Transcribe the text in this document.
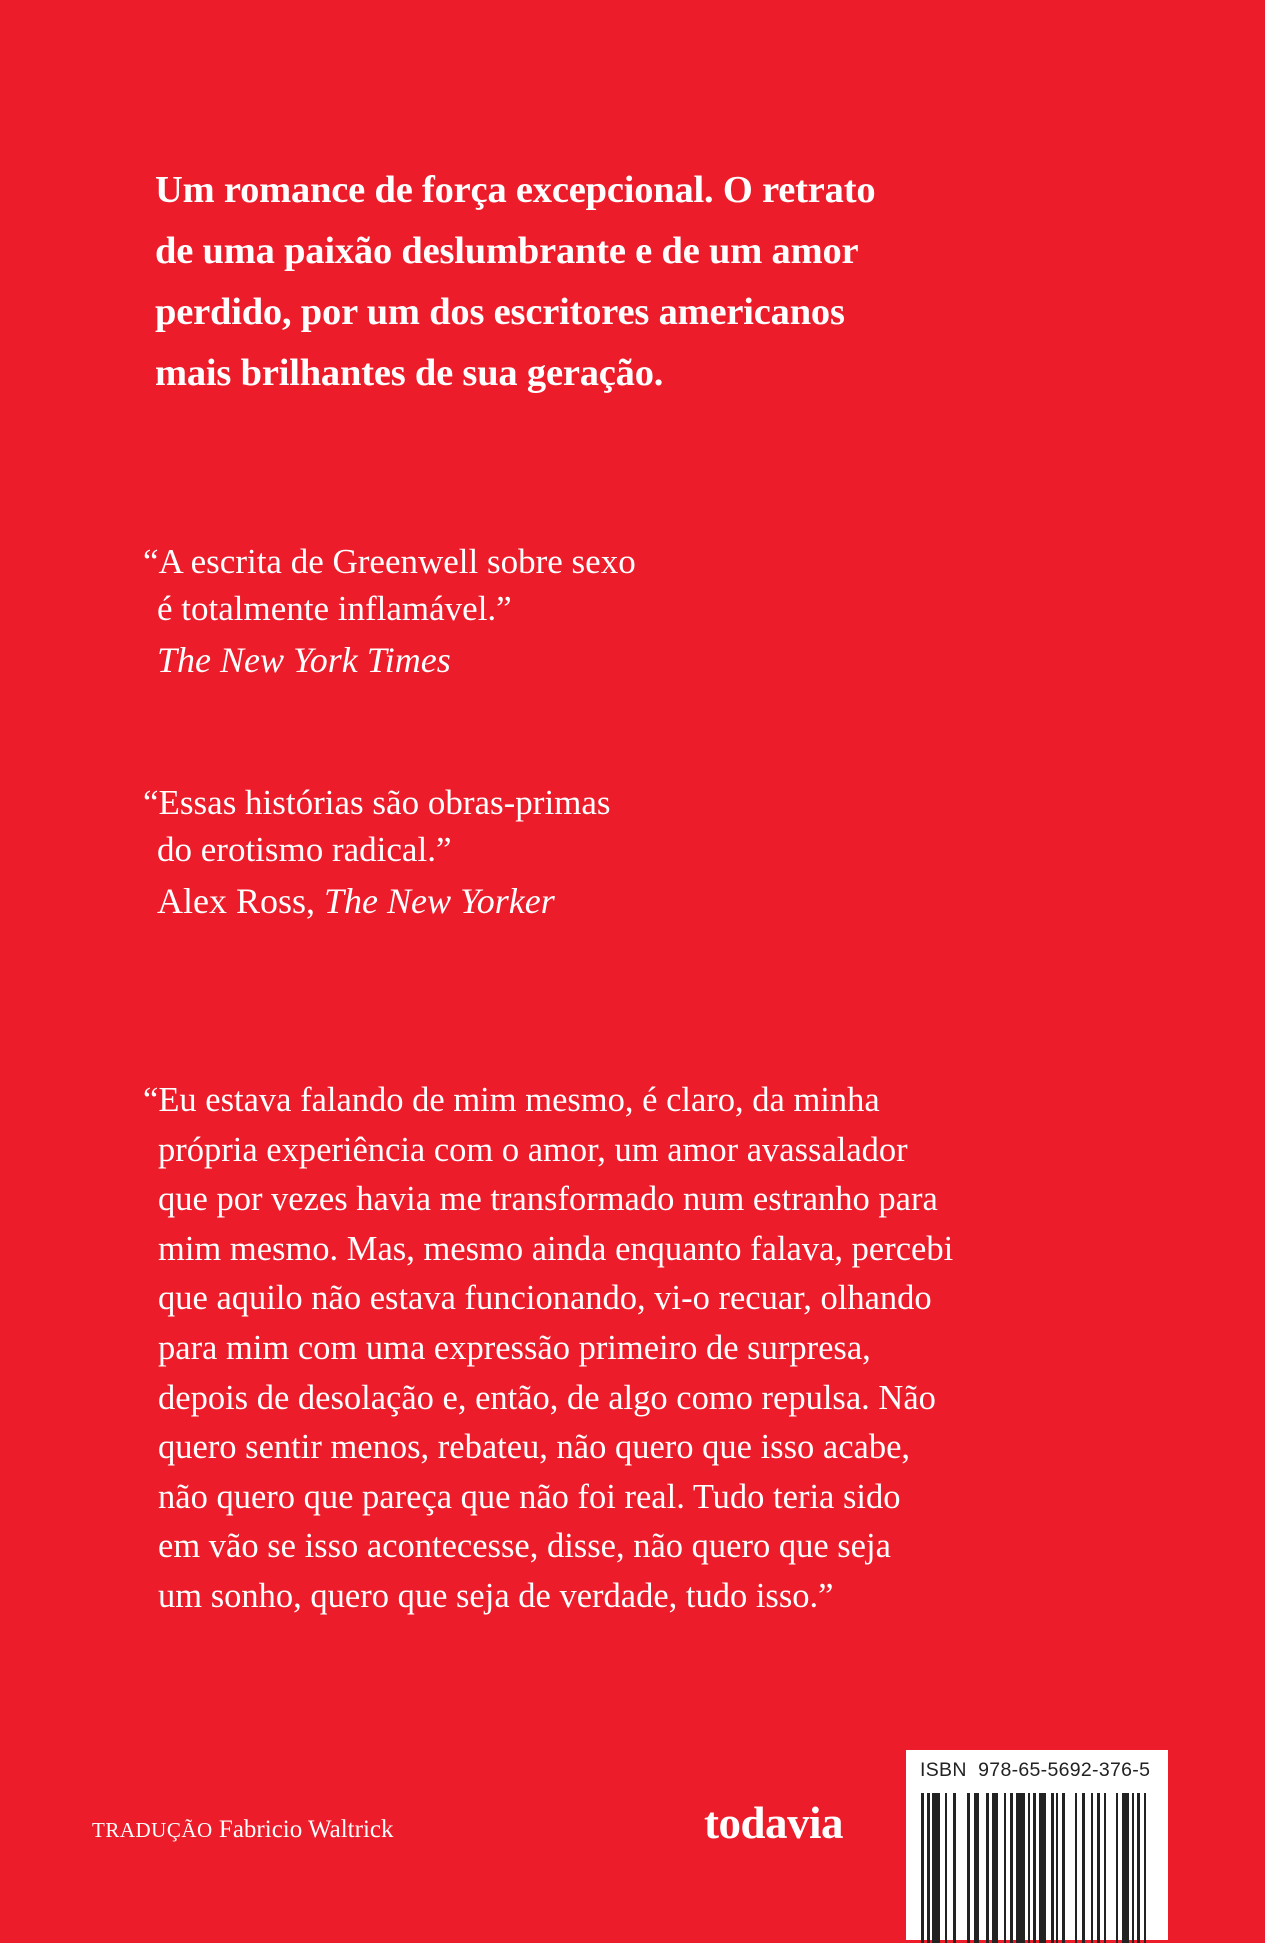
Um romance de força excepcional. O retrato
de uma paixão deslumbrante e de um amor
perdido, por um dos escritores americanos
mais brilhantes de sua geração.
“A escrita de Greenwell sobre sexo
é totalmente inflamável.”
The New York Times
“Essas histórias são obras-primas
do erotismo radical.”
Alex Ross, The New Yorker
“Eu estava falando de mim mesmo, é claro, da minha
própria experiência com o amor, um amor avassalador
que por vezes havia me transformado num estranho para
mim mesmo. Mas, mesmo ainda enquanto falava, percebi
que aquilo não estava funcionando, vi-o recuar, olhando
para mim com uma expressão primeiro de surpresa,
depois de desolação e, então, de algo como repulsa. Não
quero sentir menos, rebateu, não quero que isso acabe,
não quero que pareça que não foi real. Tudo teria sido
em vão se isso acontecesse, disse, não quero que seja
um sonho, quero que seja de verdade, tudo isso.”
TRADUÇÃO Fabricio Waltrick	todavia
ISBN 978-65-5692-376-5
